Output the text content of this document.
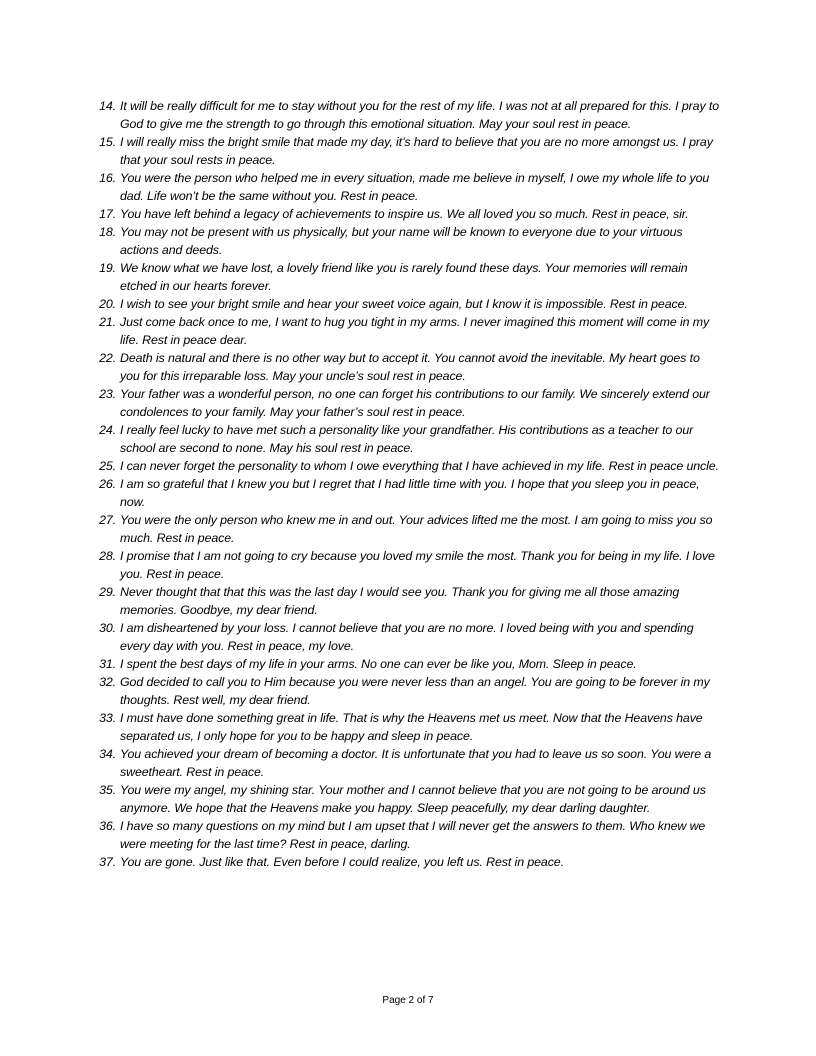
14. It will be really difficult for me to stay without you for the rest of my life. I was not at all prepared for this. I pray to God to give me the strength to go through this emotional situation. May your soul rest in peace.
15. I will really miss the bright smile that made my day, it’s hard to believe that you are no more amongst us. I pray that your soul rests in peace.
16. You were the person who helped me in every situation, made me believe in myself, I owe my whole life to you dad. Life won’t be the same without you. Rest in peace.
17. You have left behind a legacy of achievements to inspire us. We all loved you so much. Rest in peace, sir.
18. You may not be present with us physically, but your name will be known to everyone due to your virtuous actions and deeds.
19. We know what we have lost, a lovely friend like you is rarely found these days. Your memories will remain etched in our hearts forever.
20. I wish to see your bright smile and hear your sweet voice again, but I know it is impossible. Rest in peace.
21. Just come back once to me, I want to hug you tight in my arms. I never imagined this moment will come in my life. Rest in peace dear.
22. Death is natural and there is no other way but to accept it. You cannot avoid the inevitable. My heart goes to you for this irreparable loss. May your uncle’s soul rest in peace.
23. Your father was a wonderful person, no one can forget his contributions to our family. We sincerely extend our condolences to your family. May your father’s soul rest in peace.
24. I really feel lucky to have met such a personality like your grandfather. His contributions as a teacher to our school are second to none. May his soul rest in peace.
25. I can never forget the personality to whom I owe everything that I have achieved in my life. Rest in peace uncle.
26. I am so grateful that I knew you but I regret that I had little time with you. I hope that you sleep you in peace, now.
27. You were the only person who knew me in and out. Your advices lifted me the most. I am going to miss you so much. Rest in peace.
28. I promise that I am not going to cry because you loved my smile the most. Thank you for being in my life. I love you. Rest in peace.
29. Never thought that that this was the last day I would see you. Thank you for giving me all those amazing memories. Goodbye, my dear friend.
30. I am disheartened by your loss. I cannot believe that you are no more. I loved being with you and spending every day with you. Rest in peace, my love.
31. I spent the best days of my life in your arms. No one can ever be like you, Mom. Sleep in peace.
32. God decided to call you to Him because you were never less than an angel. You are going to be forever in my thoughts. Rest well, my dear friend.
33. I must have done something great in life. That is why the Heavens met us meet. Now that the Heavens have separated us, I only hope for you to be happy and sleep in peace.
34. You achieved your dream of becoming a doctor. It is unfortunate that you had to leave us so soon. You were a sweetheart. Rest in peace.
35. You were my angel, my shining star. Your mother and I cannot believe that you are not going to be around us anymore. We hope that the Heavens make you happy. Sleep peacefully, my dear darling daughter.
36. I have so many questions on my mind but I am upset that I will never get the answers to them. Who knew we were meeting for the last time? Rest in peace, darling.
37. You are gone. Just like that. Even before I could realize, you left us. Rest in peace.
Page 2 of 7
